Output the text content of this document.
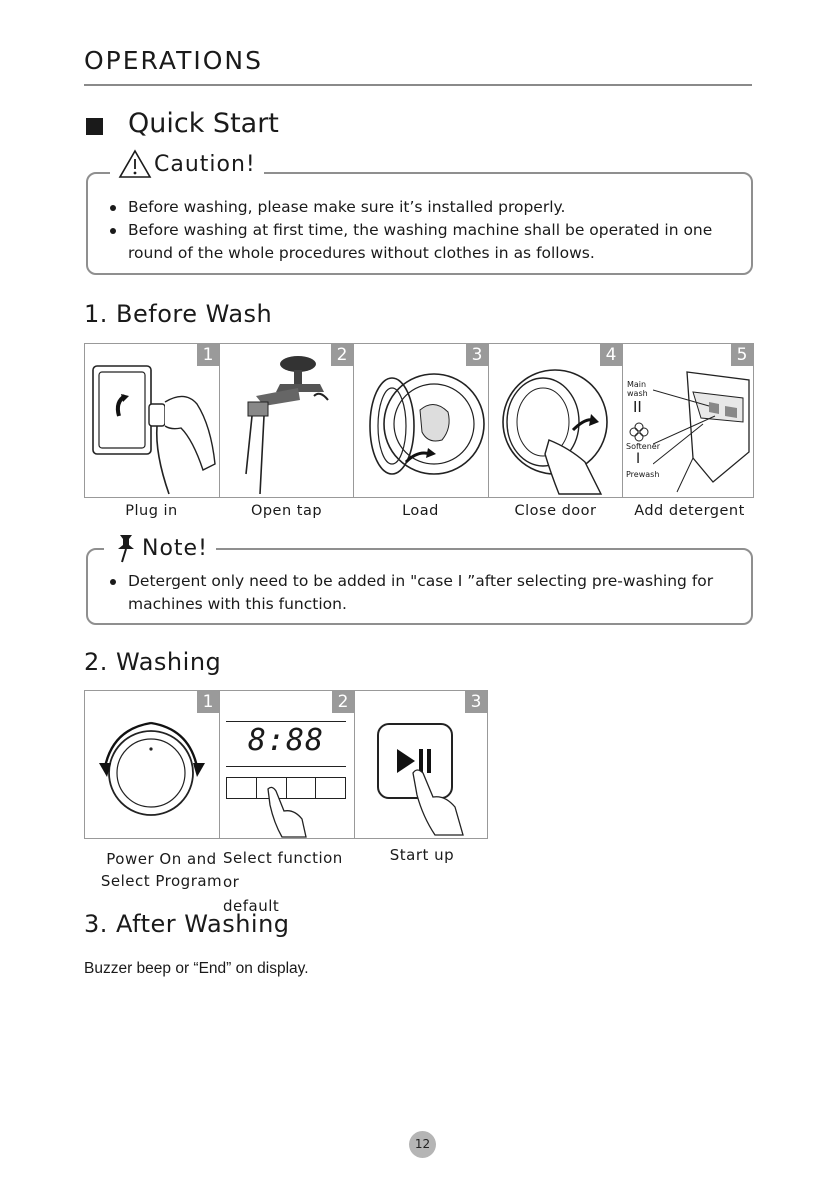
OPERATIONS
Quick Start
Caution!
Before washing, please make sure it’s installed properly.
Before washing at first time, the washing machine shall be operated in one round of the whole procedures without clothes in as follows.
1. Before Wash
1	2	3	4	5
Main wash
II
Softener
I
Prewash
Plug in	Open tap	Load	Close door	Add detergent
Note!
Detergent only need to be added in "case I ”after selecting pre-washing for machines with this function.
2. Washing
1	2
8:88
3
Power On and
Select Program
Select function or
default
Start up
3. After Washing
Buzzer beep or “End” on display.
12
